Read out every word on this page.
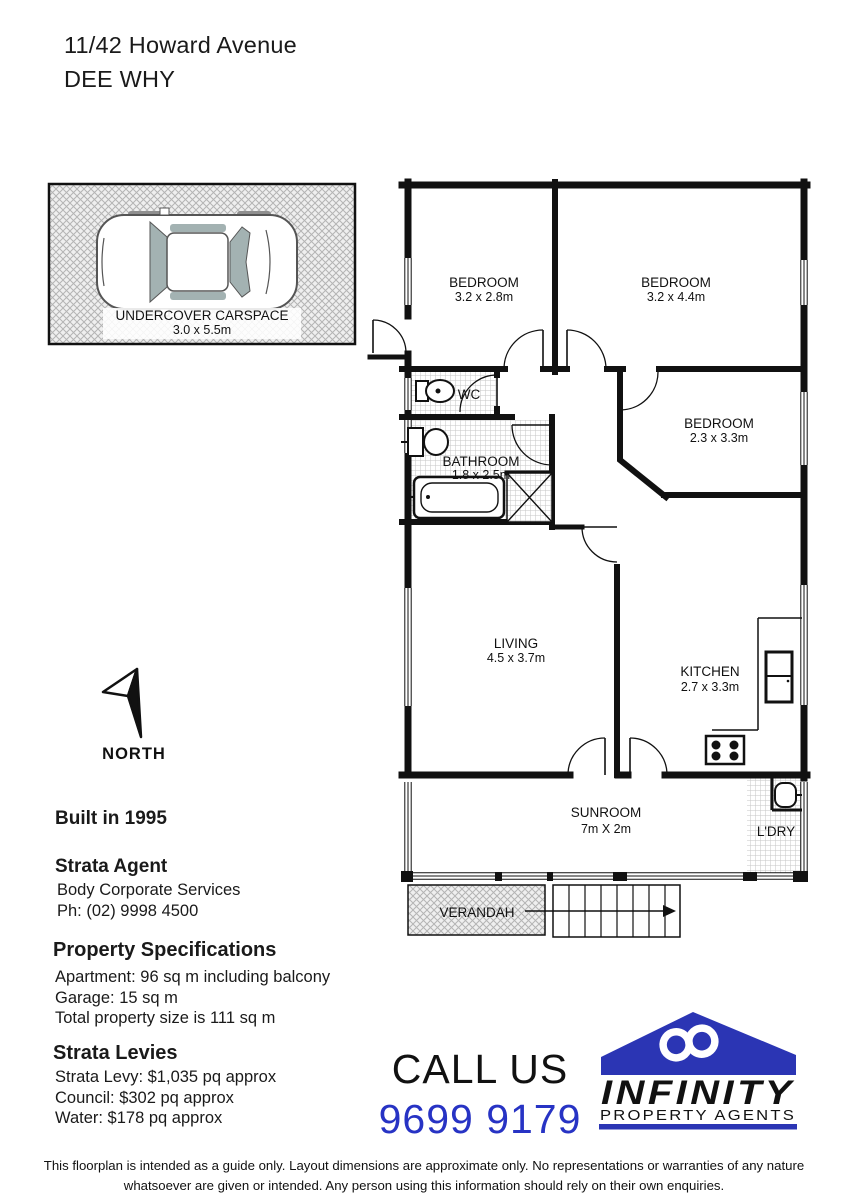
11/42 Howard Avenue
DEE WHY
UNDERCOVER CARSPACE
3.0 x 5.5m
NORTH
BEDROOM
3.2 x 2.8m
BEDROOM
3.2 x 4.4m
BEDROOM
2.3 x 3.3m
WC
BATHROOM
1.8 x 2.5m
LIVING
4.5 x 3.7m
KITCHEN
2.7 x 3.3m
SUNROOM
7m X 2m	L'DRY
VERANDAH
INFINITY
PROPERTY AGENTS
Built in 1995
Strata Agent
Body Corporate Services
Ph: (02) 9998 4500
Property Specifications
Apartment: 96 sq m including balcony
Garage: 15 sq m
Total property size is 111 sq m
Strata Levies
Strata Levy: $1,035 pq approx
Council: $302 pq approx
Water: $178 pq approx
CALL US
9699 9179
This floorplan is intended as a guide only. Layout dimensions are approximate only. No representations or warranties of any nature whatsoever are given or intended. Any person using this information should rely on their own enquiries.
